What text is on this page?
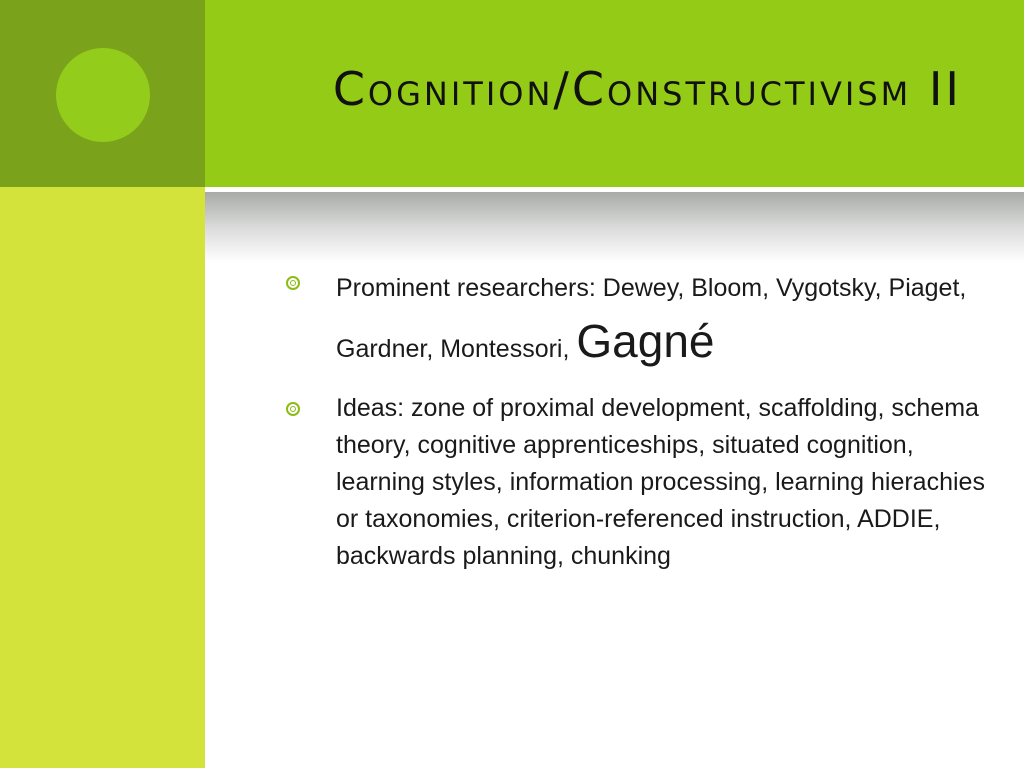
Cognition/Constructivism II
Prominent researchers: Dewey, Bloom, Vygotsky, Piaget, Gardner, Montessori, Gagné
Ideas: zone of proximal development, scaffolding, schema theory, cognitive apprenticeships, situated cognition, learning styles, information processing, learning hierachies or taxonomies, criterion-referenced instruction, ADDIE, backwards planning, chunking
